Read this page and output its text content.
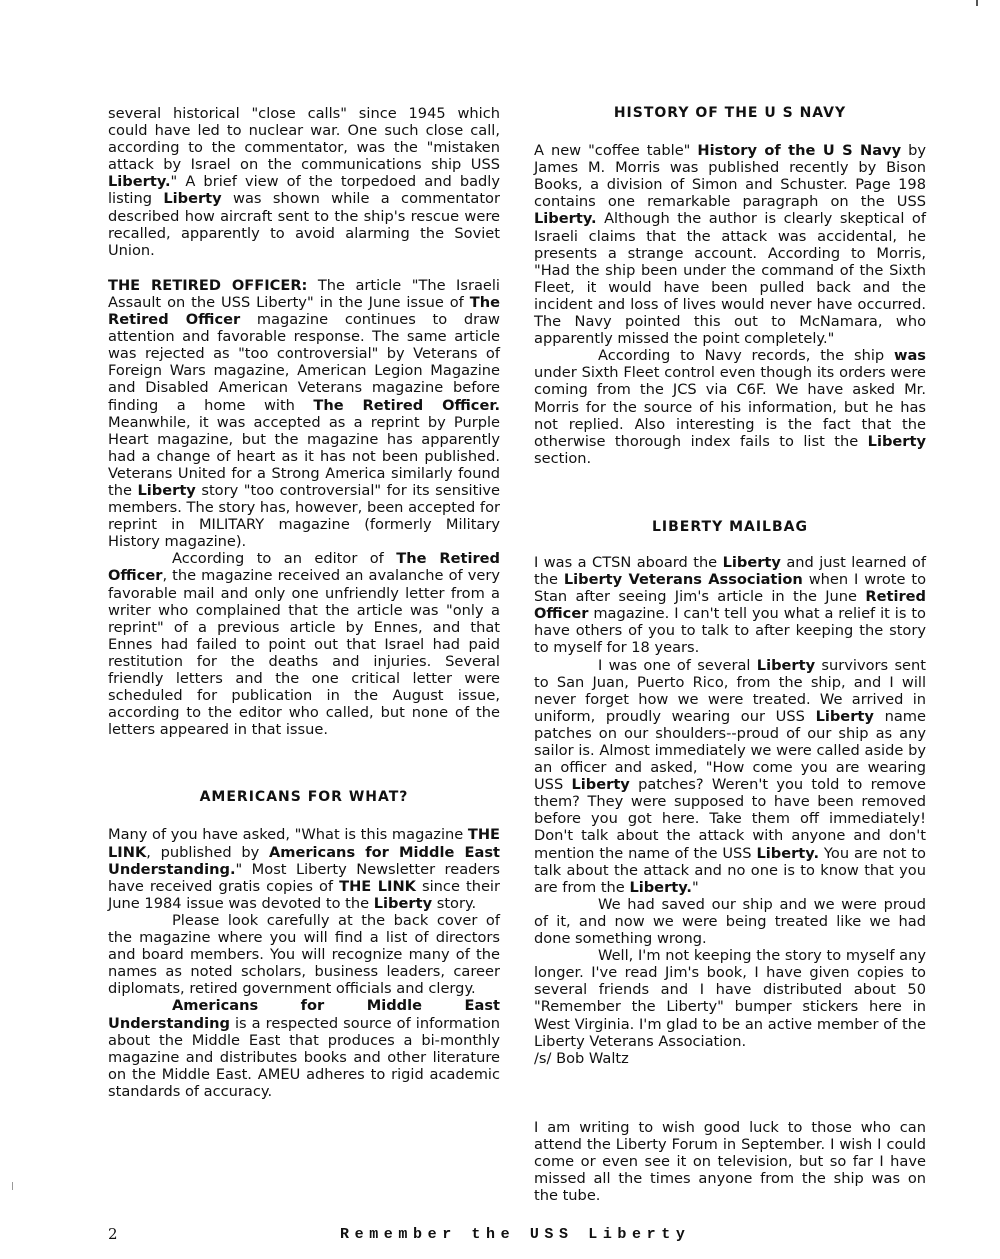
several historical "close calls" since 1945 which could have led to nuclear war. One such close call, according to the commentator, was the "mistaken attack by Israel on the communications ship USS Liberty." A brief view of the torpedoed and badly listing Liberty was shown while a commentator described how aircraft sent to the ship's rescue were recalled, apparently to avoid alarming the Soviet Union.

THE RETIRED OFFICER: The article "The Israeli Assault on the USS Liberty" in the June issue of The Retired Officer magazine continues to draw attention and favorable response. The same article was rejected as "too controversial" by Veterans of Foreign Wars magazine, American Legion Magazine and Disabled American Veterans magazine before finding a home with The Retired Officer. Meanwhile, it was accepted as a reprint by Purple Heart magazine, but the magazine has apparently had a change of heart as it has not been published. Veterans United for a Strong America similarly found the Liberty story "too controversial" for its sensitive members. The story has, however, been accepted for reprint in MILITARY magazine (formerly Military History magazine).

According to an editor of The Retired Officer, the magazine received an avalanche of very favorable mail and only one unfriendly letter from a writer who complained that the article was "only a reprint" of a previous article by Ennes, and that Ennes had failed to point out that Israel had paid restitution for the deaths and injuries. Several friendly letters and the one critical letter were scheduled for publication in the August issue, according to the editor who called, but none of the letters appeared in that issue.

AMERICANS FOR WHAT?

Many of you have asked, "What is this magazine THE LINK, published by Americans for Middle East Understanding." Most Liberty Newsletter readers have received gratis copies of THE LINK since their June 1984 issue was devoted to the Liberty story.

Please look carefully at the back cover of the magazine where you will find a list of directors and board members. You will recognize many of the names as noted scholars, business leaders, career diplomats, retired government officials and clergy.

Americans for Middle East Understanding is a respected source of information about the Middle East that produces a bi-monthly magazine and distributes books and other literature on the Middle East. AMEU adheres to rigid academic standards of accuracy.

HISTORY OF THE U S NAVY

A new "coffee table" History of the U S Navy by James M. Morris was published recently by Bison Books, a division of Simon and Schuster. Page 198 contains one remarkable paragraph on the USS Liberty. Although the author is clearly skeptical of Israeli claims that the attack was accidental, he presents a strange account. According to Morris, "Had the ship been under the command of the Sixth Fleet, it would have been pulled back and the incident and loss of lives would never have occurred. The Navy pointed this out to McNamara, who apparently missed the point completely."

According to Navy records, the ship was under Sixth Fleet control even though its orders were coming from the JCS via C6F. We have asked Mr. Morris for the source of his information, but he has not replied. Also interesting is the fact that the otherwise thorough index fails to list the Liberty section.

LIBERTY MAILBAG

I was a CTSN aboard the Liberty and just learned of the Liberty Veterans Association when I wrote to Stan after seeing Jim's article in the June Retired Officer magazine. I can't tell you what a relief it is to have others of you to talk to after keeping the story to myself for 18 years.

I was one of several Liberty survivors sent to San Juan, Puerto Rico, from the ship, and I will never forget how we were treated. We arrived in uniform, proudly wearing our USS Liberty name patches on our shoulders--proud of our ship as any sailor is. Almost immediately we were called aside by an officer and asked, "How come you are wearing USS Liberty patches? Weren't you told to remove them? They were supposed to have been removed before you got here. Take them off immediately! Don't talk about the attack with anyone and don't mention the name of the USS Liberty. You are not to talk about the attack and no one is to know that you are from the Liberty."

We had saved our ship and we were proud of it, and now we were being treated like we had done something wrong.

Well, I'm not keeping the story to myself any longer. I've read Jim's book, I have given copies to several friends and I have distributed about 50 "Remember the Liberty" bumper stickers here in West Virginia. I'm glad to be an active member of the Liberty Veterans Association.

/s/ Bob Waltz

I am writing to wish good luck to those who can attend the Liberty Forum in September. I wish I could come or even see it on television, but so far I have missed all the times anyone from the ship was on the tube.

2	Remember the USS Liberty
